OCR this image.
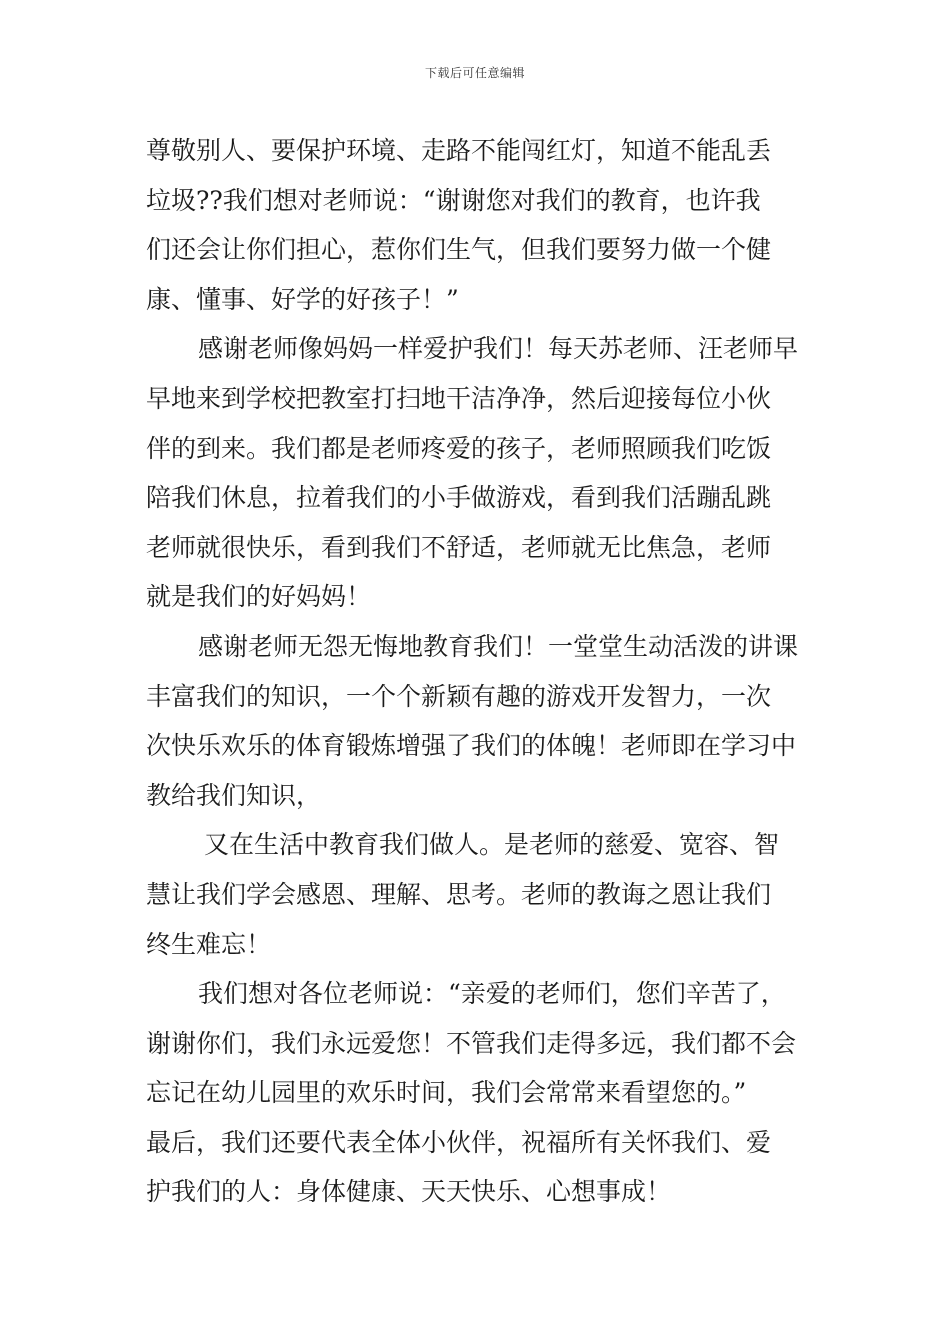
下载后可任意编辑
尊敬别人、要保护环境、走路不能闯红灯，知道不能乱丢
垃圾??我们想对老师说：“谢谢您对我们的教育，也许我
们还会让你们担心，惹你们生气，但我们要努力做一个健
康、懂事、好学的好孩子！”
感谢老师像妈妈一样爱护我们！每天苏老师、汪老师早
早地来到学校把教室打扫地干洁净净，然后迎接每位小伙
伴的到来。我们都是老师疼爱的孩子，老师照顾我们吃饭
陪我们休息，拉着我们的小手做游戏，看到我们活蹦乱跳
老师就很快乐，看到我们不舒适，老师就无比焦急，老师
就是我们的好妈妈！
感谢老师无怨无悔地教育我们！一堂堂生动活泼的讲课
丰富我们的知识，一个个新颖有趣的游戏开发智力，一次
次快乐欢乐的体育锻炼增强了我们的体魄！老师即在学习中
教给我们知识，
又在生活中教育我们做人。是老师的慈爱、宽容、智
慧让我们学会感恩、理解、思考。老师的教诲之恩让我们
终生难忘！
我们想对各位老师说：“亲爱的老师们，您们辛苦了，
谢谢你们，我们永远爱您！不管我们走得多远，我们都不会
忘记在幼儿园里的欢乐时间，我们会常常来看望您的。”
最后，我们还要代表全体小伙伴，祝福所有关怀我们、爱
护我们的人：身体健康、天天快乐、心想事成！
